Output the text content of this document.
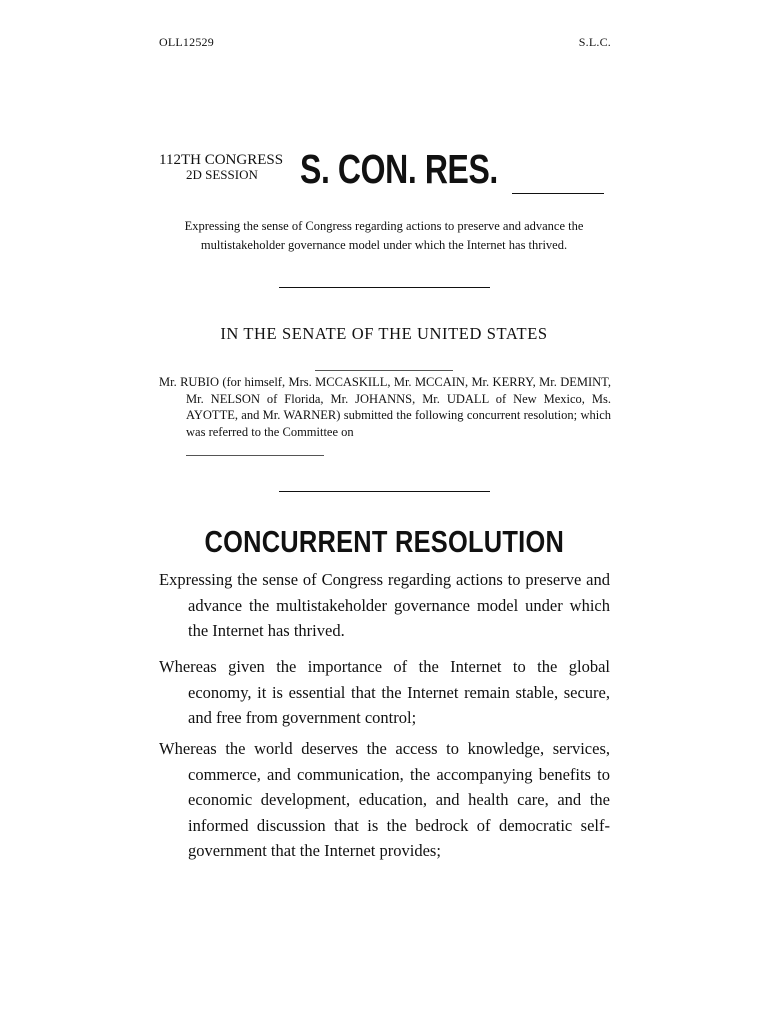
OLL12529	S.L.C.
112TH CONGRESS
2D SESSION S. CON. RES.
Expressing the sense of Congress regarding actions to preserve and advance the multistakeholder governance model under which the Internet has thrived.
IN THE SENATE OF THE UNITED STATES
Mr. RUBIO (for himself, Mrs. MCCASKILL, Mr. MCCAIN, Mr. KERRY, Mr. DEMINT, Mr. NELSON of Florida, Mr. JOHANNS, Mr. UDALL of New Mexico, Ms. AYOTTE, and Mr. WARNER) submitted the following concurrent resolution; which was referred to the Committee on
CONCURRENT RESOLUTION
Expressing the sense of Congress regarding actions to preserve and advance the multistakeholder governance model under which the Internet has thrived.
Whereas given the importance of the Internet to the global economy, it is essential that the Internet remain stable, secure, and free from government control;
Whereas the world deserves the access to knowledge, services, commerce, and communication, the accompanying benefits to economic development, education, and health care, and the informed discussion that is the bedrock of democratic self-government that the Internet provides;
